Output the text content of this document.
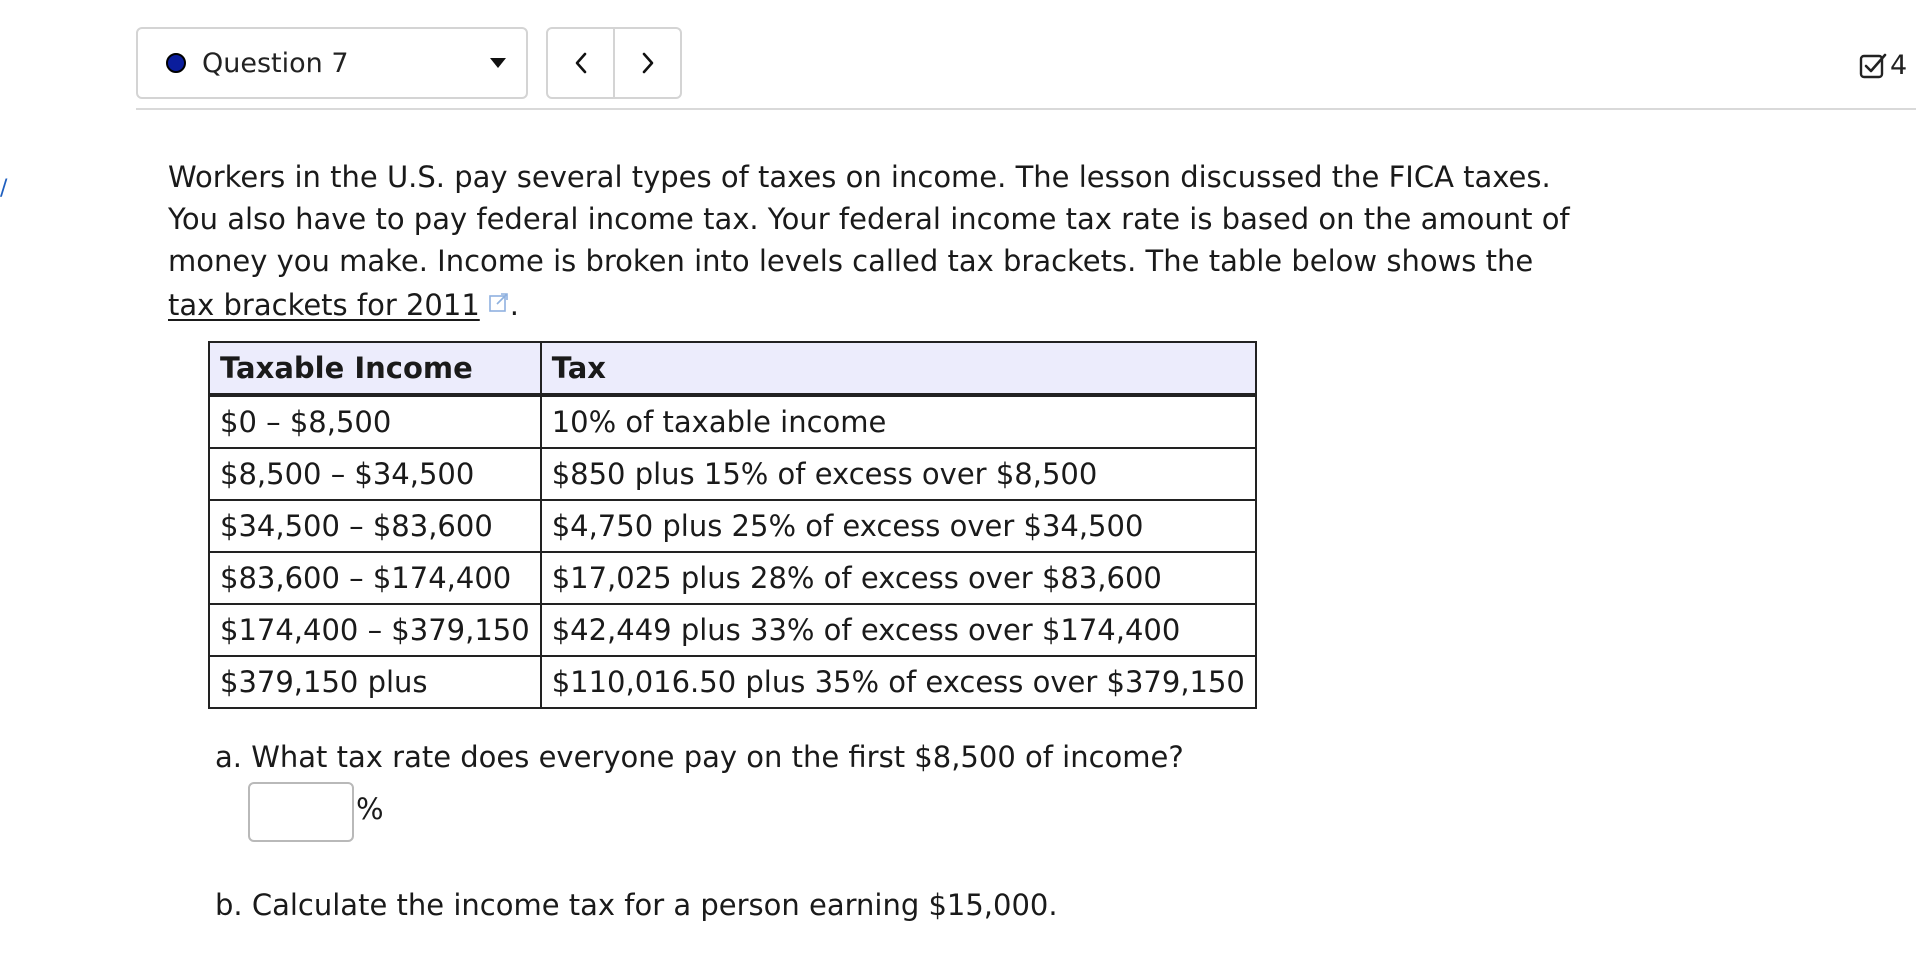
/
Question 7	4
Workers in the U.S. pay several types of taxes on income. The lesson discussed the FICA taxes. You also have to pay federal income tax. Your federal income tax rate is based on the amount of money you make. Income is broken into levels called tax brackets. The table below shows the tax brackets for 2011 .
Taxable Income	Tax
$0 – $8,500	10% of taxable income
$8,500 – $34,500	$850 plus 15% of excess over $8,500
$34,500 – $83,600	$4,750 plus 25% of excess over $34,500
$83,600 – $174,400	$17,025 plus 28% of excess over $83,600
$174,400 – $379,150	$42,449 plus 33% of excess over $174,400
$379,150 plus	$110,016.50 plus 35% of excess over $379,150
a. What tax rate does everyone pay on the first $8,500 of income?
%
b. Calculate the income tax for a person earning $15,000.
